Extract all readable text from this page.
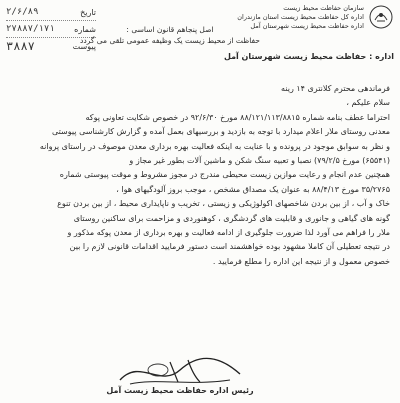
۲/۶/۸۹	تاریخ
۲۷۸۸۷/۱۷۱ شماره
۳۸۸۷	پیوست
سازمان حفاظت محیط زیست
اداره کل حفاظت محیط زیست استان مازندران
اداره حفاظت محیط زیست شهرستان آمل
اصل پنجاهم قانون اساسی :
حفاظت از محیط زیست یک وظیفه عمومی تلقی می گردد
اداره : حفاظت محیط زیست شهرستان آمل

فرماندهی محترم کلانتری ۱۴ رینه

سلام علیکم ،

احتراما عطف بنامه شماره ۸۸/۱۲۱/۱۱۳/۸۸۱۵ مورخ ۹۲/۶/۳۰ در خصوص شکایت تعاونی پوکه

معدنی روستای ملار اعلام میدارد با توجه به بازدید و بررسیهای بعمل آمده و گزارش کارشناسی پیوستی

و نظر به سوابق موجود در پرونده و با عنایت به اینکه فعالیت بهره برداری معدن موصوف در راستای پروانه

(۶۵۵۴۱) مورخ ۷۹/۲/۵) نصبا و تعبیه سنگ شکن و ماشین آلات بطور غیر مجاز و

همچنین عدم انجام و رعایت موازین زیست محیطی مندرج در مجوز مشروط و موقت پیوستی شماره

۳۵/۲۷۶۵ مورخ ۸۸/۴/۱۳ به عنوان یک مصداق مشخص ، موجب بروز آلودگیهای هوا ،

خاک و آب ، از بین بردن شاخصهای اکولوژیکی و زیستی ، تخریب و ناپایداری محیط ، از بین بردن تنوع

گونه های گیاهی و جانوری و قابلیت های گردشگری ، کوهنوردی و مزاحمت برای ساکنین روستای

ملار را فراهم می آورد لذا ضرورت جلوگیری از ادامه فعالیت و بهره برداری از معدن پوکه مذکور و

در نتیجه تعطیلی آن کاملا مشهود بوده خواهشمند است دستور فرمایید اقدامات قانونی لازم را بین

خصوص معمول و از نتیجه این اداره را مطلع فرمایید .

رئیس اداره حفاظت محیط زیست آمل
